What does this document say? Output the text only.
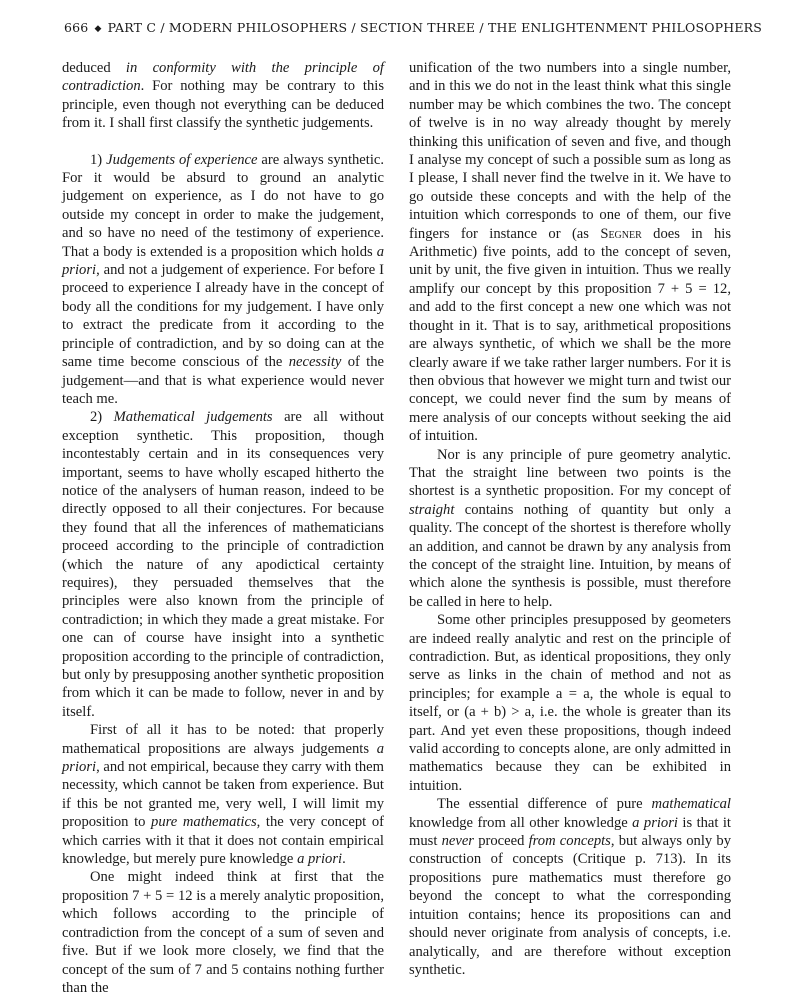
666 ◆ PART C / MODERN PHILOSOPHERS / SECTION THREE / THE ENLIGHTENMENT PHILOSOPHERS

deduced in conformity with the principle of contradiction. For nothing may be contrary to this principle, even though not everything can be deduced from it. I shall first classify the synthetic judgements.

1) Judgements of experience are always synthetic. For it would be absurd to ground an analytic judgement on experience, as I do not have to go outside my concept in order to make the judgement, and so have no need of the testimony of experience. That a body is extended is a proposition which holds a priori, and not a judgement of experience. For before I proceed to experience I already have in the concept of body all the conditions for my judgement. I have only to extract the predicate from it according to the principle of contradiction, and by so doing can at the same time become conscious of the necessity of the judgement—and that is what experience would never teach me.

2) Mathematical judgements are all without exception synthetic. This proposition, though incontestably certain and in its consequences very important, seems to have wholly escaped hitherto the notice of the analysers of human reason, indeed to be directly opposed to all their conjectures. For because they found that all the inferences of mathematicians proceed according to the principle of contradiction (which the nature of any apodictical certainty requires), they persuaded themselves that the principles were also known from the principle of contradiction; in which they made a great mistake. For one can of course have insight into a synthetic proposition according to the principle of contradiction, but only by presupposing another synthetic proposition from which it can be made to follow, never in and by itself.

First of all it has to be noted: that properly mathematical propositions are always judgements a priori, and not empirical, because they carry with them necessity, which cannot be taken from experience. But if this be not granted me, very well, I will limit my proposition to pure mathematics, the very concept of which carries with it that it does not contain empirical knowledge, but merely pure knowledge a priori.

One might indeed think at first that the proposition 7 + 5 = 12 is a merely analytic proposition, which follows according to the principle of contradiction from the concept of a sum of seven and five. But if we look more closely, we find that the concept of the sum of 7 and 5 contains nothing further than the

unification of the two numbers into a single number, and in this we do not in the least think what this single number may be which combines the two. The concept of twelve is in no way already thought by merely thinking this unification of seven and five, and though I analyse my concept of such a possible sum as long as I please, I shall never find the twelve in it. We have to go outside these concepts and with the help of the intuition which corresponds to one of them, our five fingers for instance or (as Segner does in his Arithmetic) five points, add to the concept of seven, unit by unit, the five given in intuition. Thus we really amplify our concept by this proposition 7 + 5 = 12, and add to the first concept a new one which was not thought in it. That is to say, arithmetical propositions are always synthetic, of which we shall be the more clearly aware if we take rather larger numbers. For it is then obvious that however we might turn and twist our concept, we could never find the sum by means of mere analysis of our concepts without seeking the aid of intuition.

Nor is any principle of pure geometry analytic. That the straight line between two points is the shortest is a synthetic proposition. For my concept of straight contains nothing of quantity but only a quality. The concept of the shortest is therefore wholly an addition, and cannot be drawn by any analysis from the concept of the straight line. Intuition, by means of which alone the synthesis is possible, must therefore be called in here to help.

Some other principles presupposed by geometers are indeed really analytic and rest on the principle of contradiction. But, as identical propositions, they only serve as links in the chain of method and not as principles; for example a = a, the whole is equal to itself, or (a + b) > a, i.e. the whole is greater than its part. And yet even these propositions, though indeed valid according to concepts alone, are only admitted in mathematics because they can be exhibited in intuition.

The essential difference of pure mathematical knowledge from all other knowledge a priori is that it must never proceed from concepts, but always only by construction of concepts (Critique p. 713). In its propositions pure mathematics must therefore go beyond the concept to what the corresponding intuition contains; hence its propositions can and should never originate from analysis of concepts, i.e. analytically, and are therefore without exception synthetic.
